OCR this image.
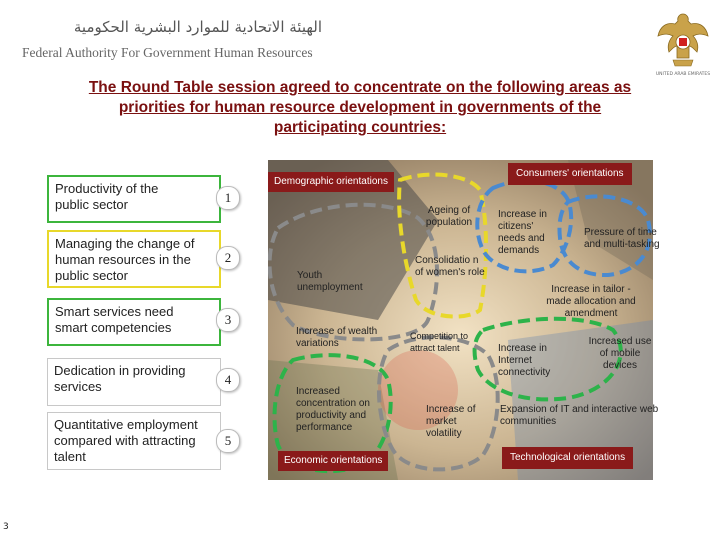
الهيئة الاتحادية للموارد البشرية الحكومية
Federal Authority For Government Human Resources
UNITED ARAB EMIRATES
The Round Table session agreed to concentrate on the following areas as
priorities for human resource development in governments of the
participating countries:
Productivity of the public sector	1
Managing the change of human resources in the public sector
2
Smart services need smart competencies
3
Dedication in providing services	4
Quantitative employment compared with attracting talent
5
3
Demographic orientations
Consumers' orientations
Economic orientations	Technological orientations
Ageing of population
Youth unemployment
Consolidatio n of women's role
Increase in citizens' needs and demands
Pressure of time and multi-tasking
Increase in tailor -made allocation and amendment
Increase of wealth variations
Competition to attract talent	Increase in Internet connectivity
Increased use of mobile devices
Increased concentration on productivity and performance
Increase of market volatility
Expansion of IT and interactive web communities
